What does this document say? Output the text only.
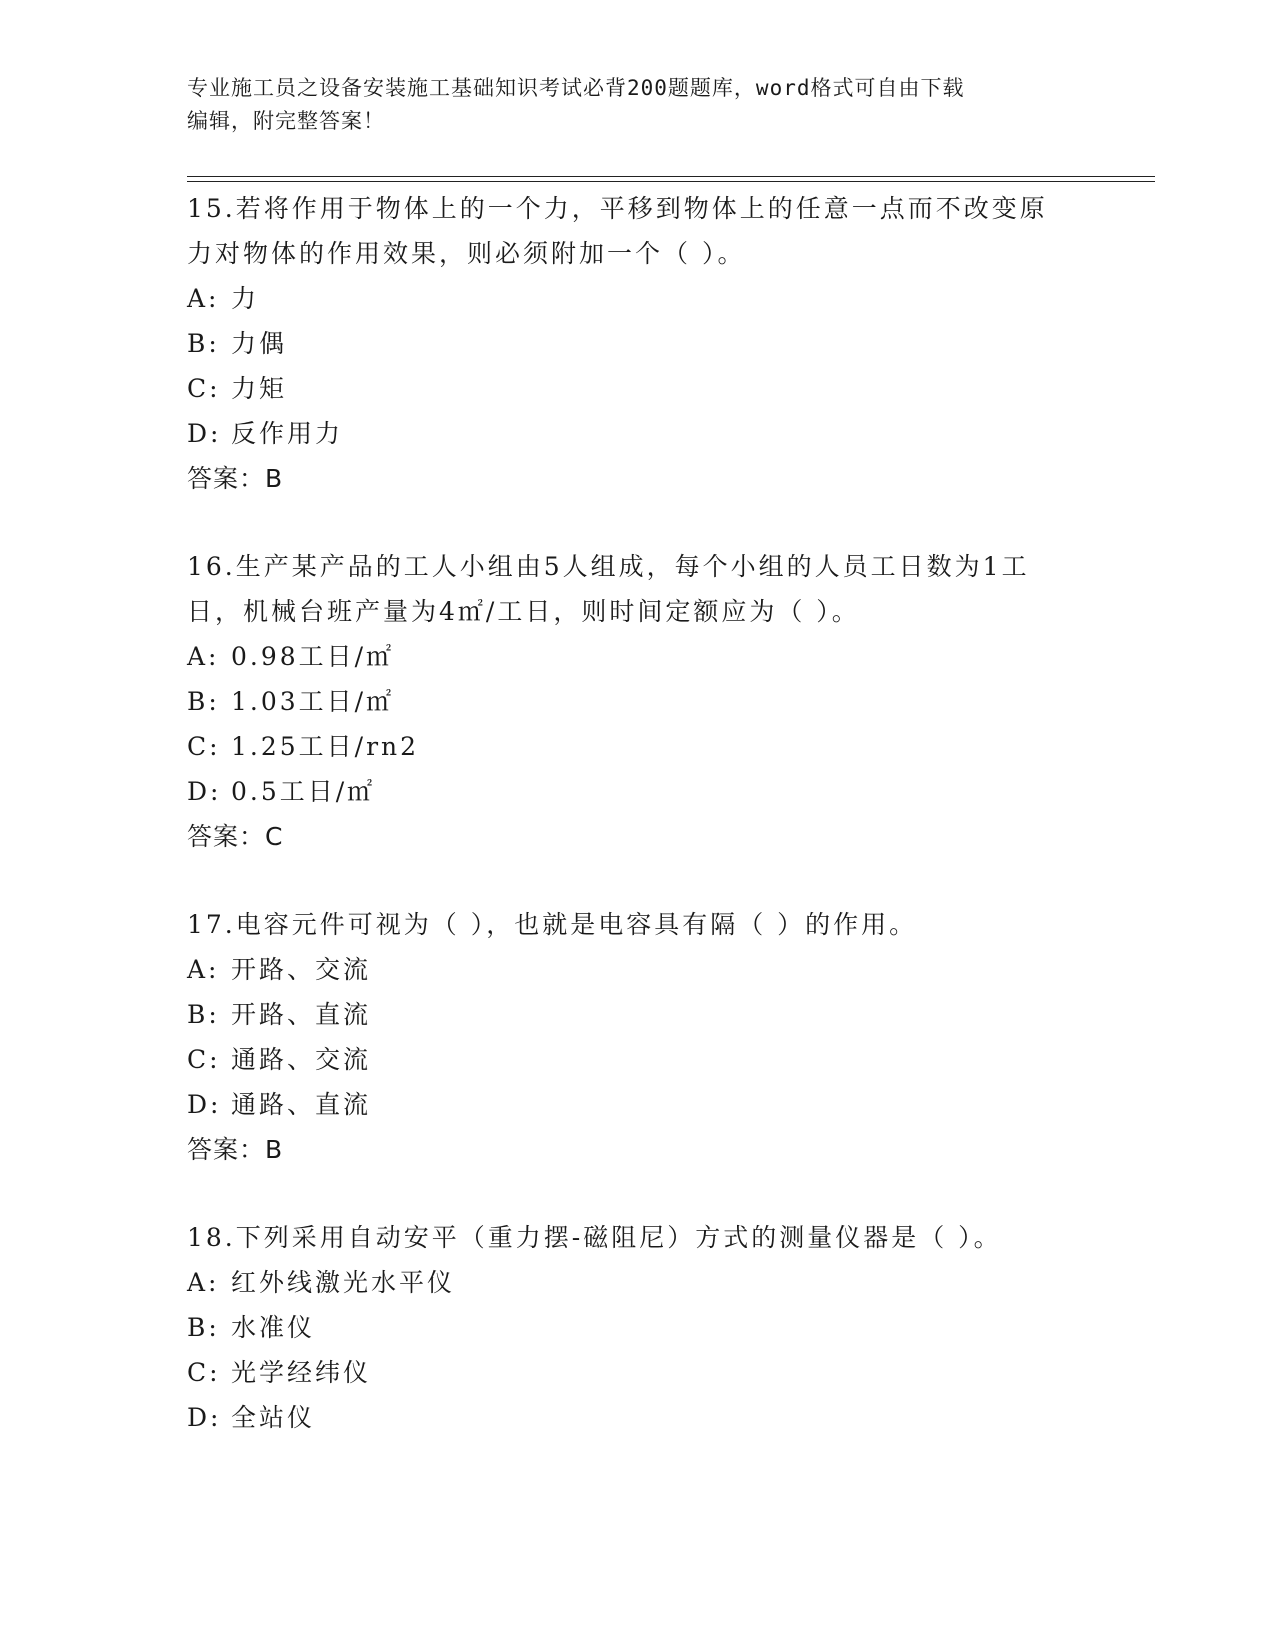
专业施工员之设备安装施工基础知识考试必背200题题库，word格式可自由下载
编辑，附完整答案！
15.若将作用于物体上的一个力，平移到物体上的任意一点而不改变原
力对物体的作用效果，则必须附加一个（ ）。
A: 力
B: 力偶
C: 力矩
D: 反作用力
答案：B
16.生产某产品的工人小组由5人组成，每个小组的人员工日数为1工
日，机械台班产量为4㎡/工日，则时间定额应为（ ）。
A: 0.98工日/㎡
B: 1.03工日/㎡
C: 1.25工日/rn2
D: 0.5工日/㎡
答案：C
17.电容元件可视为（ ），也就是电容具有隔（ ）的作用。
A: 开路、交流
B: 开路、直流
C: 通路、交流
D: 通路、直流
答案：B
18.下列采用自动安平（重力摆-磁阻尼）方式的测量仪器是（ ）。
A: 红外线激光水平仪
B: 水准仪
C: 光学经纬仪
D: 全站仪
